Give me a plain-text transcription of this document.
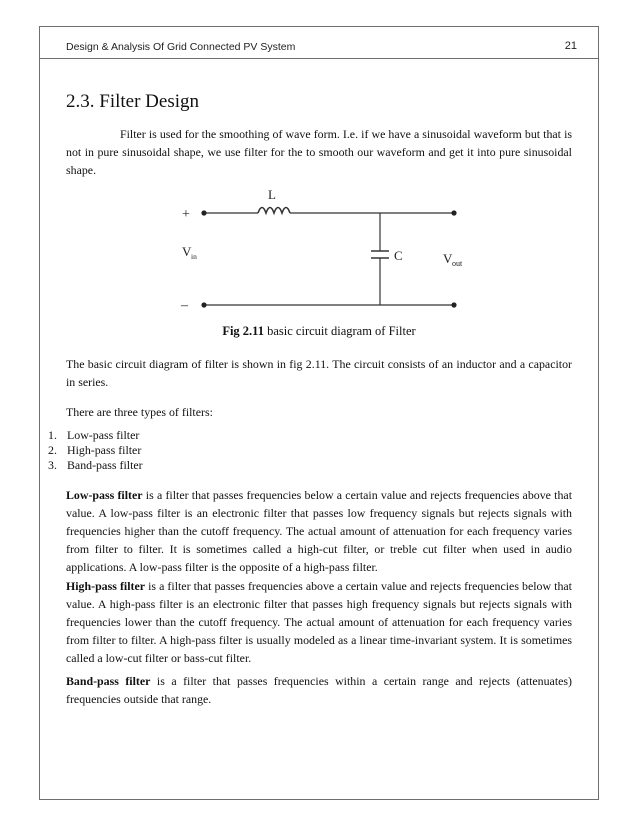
Design & Analysis Of Grid Connected PV System	21
2.3. Filter Design

Filter is used for the smoothing of wave form. I.e. if we have a sinusoidal waveform but that is not in pure sinusoidal shape, we use filter for the to smooth our waveform and get it into pure sinusoidal shape.

+
–
L
C
V in	V out
Fig 2.11 basic circuit diagram of Filter

The basic circuit diagram of filter is shown in fig 2.11. The circuit consists of an inductor and a capacitor in series.

There are three types of filters:

1. Low-pass filter
2. High-pass filter
3. Band-pass filter

Low-pass filter is a filter that passes frequencies below a certain value and rejects frequencies above that value. A low-pass filter is an electronic filter that passes low frequency signals but rejects signals with frequencies higher than the cutoff frequency. The actual amount of attenuation for each frequency varies from filter to filter. It is sometimes called a high-cut filter, or treble cut filter when used in audio applications. A low-pass filter is the opposite of a high-pass filter.

High-pass filter is a filter that passes frequencies above a certain value and rejects frequencies below that value. A high-pass filter is an electronic filter that passes high frequency signals but rejects signals with frequencies lower than the cutoff frequency. The actual amount of attenuation for each frequency varies from filter to filter. A high-pass filter is usually modeled as a linear time-invariant system. It is sometimes called a low-cut filter or bass-cut filter.

Band-pass filter is a filter that passes frequencies within a certain range and rejects (attenuates) frequencies outside that range.
